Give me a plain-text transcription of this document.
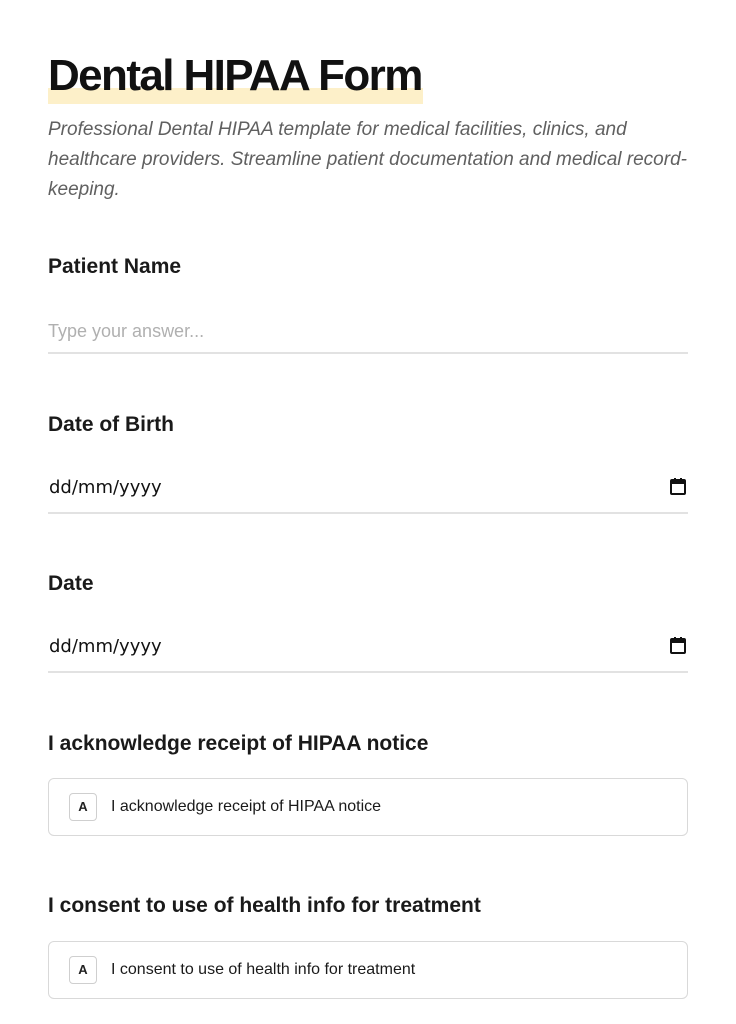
Dental HIPAA Form

Professional Dental HIPAA template for medical facilities, clinics, and healthcare providers. Streamline patient documentation and medical record-keeping.

Patient Name
Type your answer...
Date of Birth
dd/mm/yyyy
Date
dd/mm/yyyy
I acknowledge receipt of HIPAA notice
A	I acknowledge receipt of HIPAA notice
I consent to use of health info for treatment
A	I consent to use of health info for treatment
